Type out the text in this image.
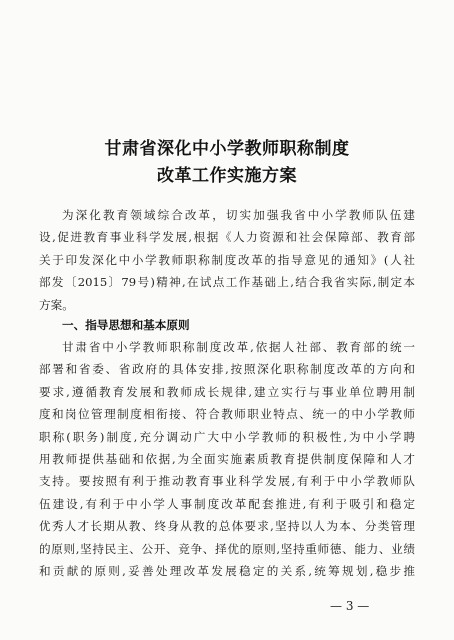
甘肃省深化中小学教师职称制度
改革工作实施方案

为深化教育领域综合改革，切实加强我省中小学教师队伍建
设,促进教育事业科学发展,根据《人力资源和社会保障部、教育部
关于印发深化中小学教师职称制度改革的指导意见的通知》(人社
部发〔2015〕79号)精神,在试点工作基础上,结合我省实际,制定本
方案。

一、指导思想和基本原则

甘肃省中小学教师职称制度改革,依据人社部、教育部的统一
部署和省委、省政府的具体安排,按照深化职称制度改革的方向和
要求,遵循教育发展和教师成长规律,建立实行与事业单位聘用制
度和岗位管理制度相衔接、符合教师职业特点、统一的中小学教师
职称(职务)制度,充分调动广大中小学教师的积极性,为中小学聘
用教师提供基础和依据,为全面实施素质教育提供制度保障和人才
支持。要按照有利于推动教育事业科学发展,有利于中小学教师队
伍建设,有利于中小学人事制度改革配套推进,有利于吸引和稳定
优秀人才长期从教、终身从教的总体要求,坚持以人为本、分类管理
的原则,坚持民主、公开、竞争、择优的原则,坚持重师德、能力、业绩
和贡献的原则,妥善处理改革发展稳定的关系,统筹规划,稳步推

— 3 —
